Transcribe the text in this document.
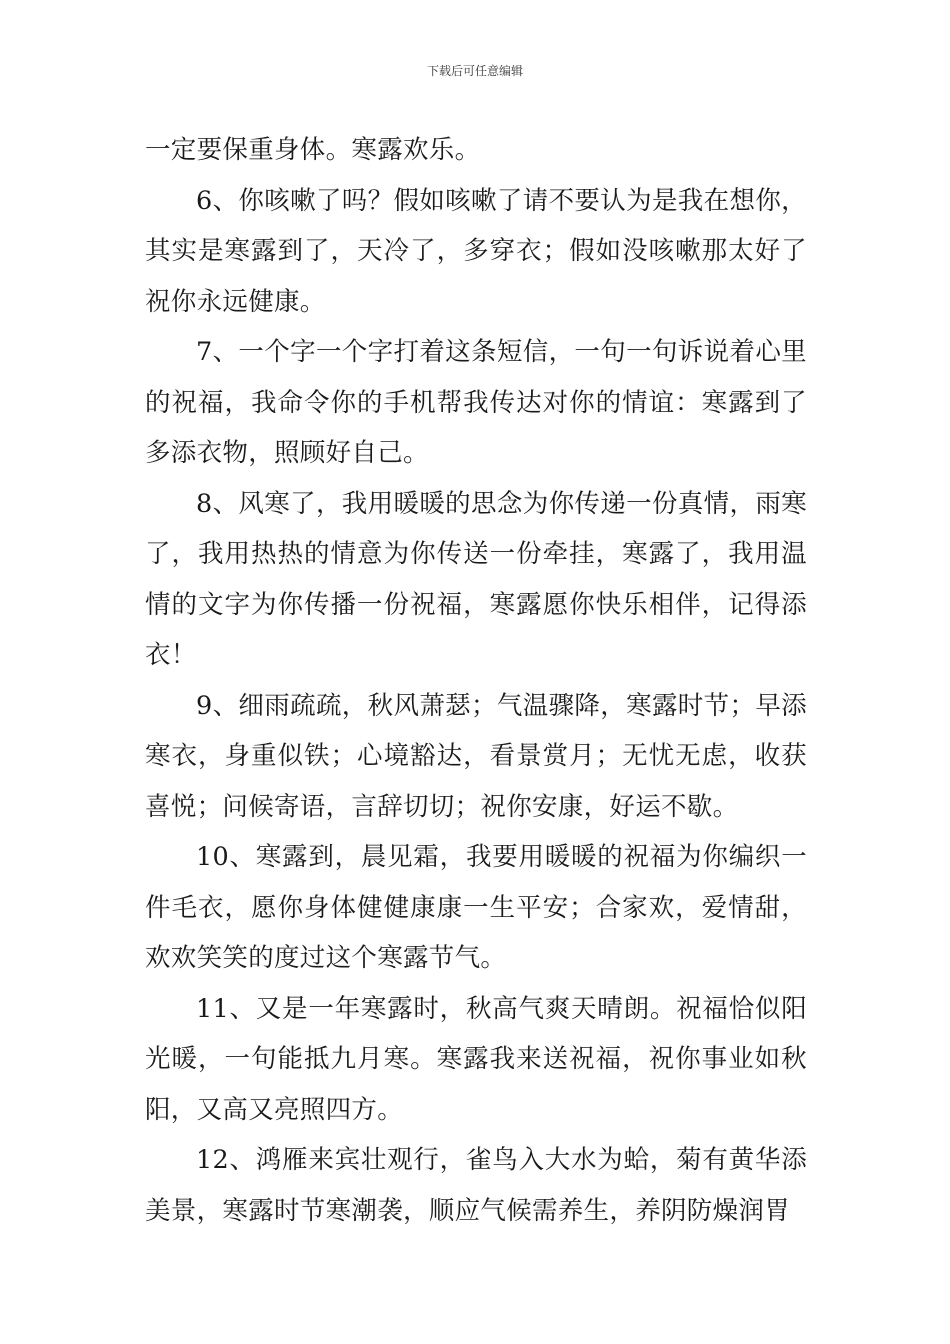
下载后可任意编辑

一定要保重身体。寒露欢乐。

6、你咳嗽了吗？假如咳嗽了请不要认为是我在想你，其实是寒露到了，天冷了，多穿衣；假如没咳嗽那太好了祝你永远健康。

7、一个字一个字打着这条短信，一句一句诉说着心里的祝福，我命令你的手机帮我传达对你的情谊：寒露到了多添衣物，照顾好自己。

8、风寒了，我用暖暖的思念为你传递一份真情，雨寒了，我用热热的情意为你传送一份牵挂，寒露了，我用温情的文字为你传播一份祝福，寒露愿你快乐相伴，记得添衣！

9、细雨疏疏，秋风萧瑟；气温骤降，寒露时节；早添寒衣，身重似铁；心境豁达，看景赏月；无忧无虑，收获喜悦；问候寄语，言辞切切；祝你安康，好运不歇。

10、寒露到，晨见霜，我要用暖暖的祝福为你编织一件毛衣，愿你身体健健康康一生平安；合家欢，爱情甜，欢欢笑笑的度过这个寒露节气。

11、又是一年寒露时，秋高气爽天晴朗。祝福恰似阳光暖，一句能抵九月寒。寒露我来送祝福，祝你事业如秋阳，又高又亮照四方。

12、鸿雁来宾壮观行，雀鸟入大水为蛤，菊有黄华添美景，寒露时节寒潮袭，顺应气候需养生，养阴防燥润胃
